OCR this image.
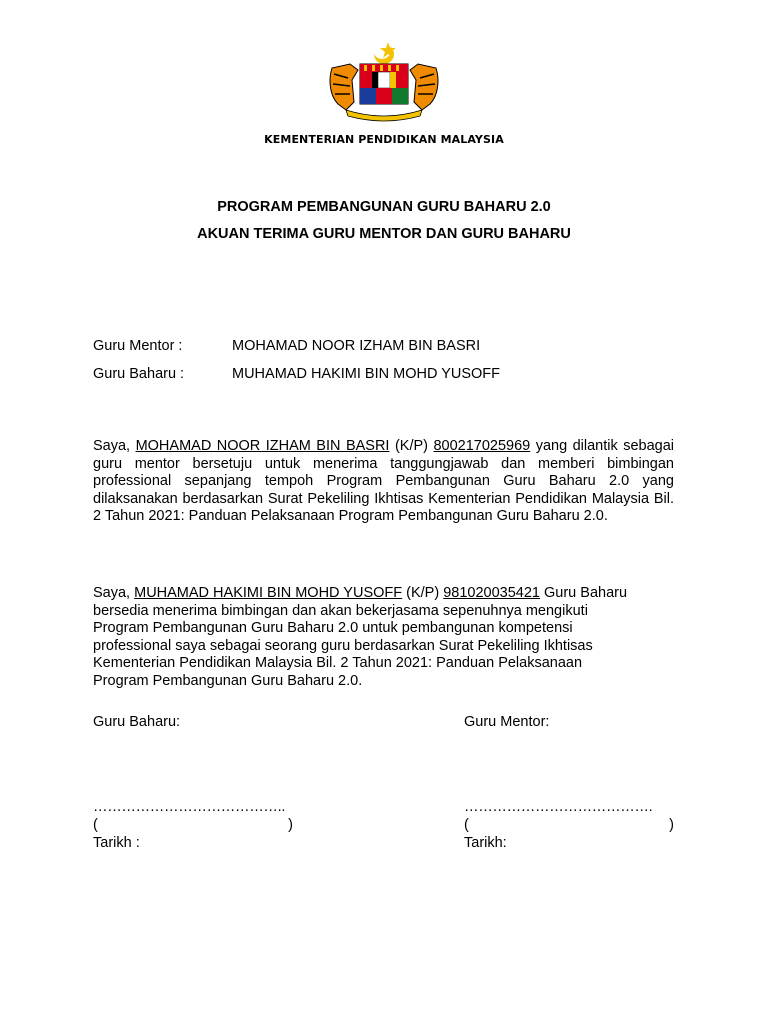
KEMENTERIAN PENDIDIKAN MALAYSIA
PROGRAM PEMBANGUNAN GURU BAHARU 2.0
AKUAN TERIMA GURU MENTOR DAN GURU BAHARU
Guru Mentor :	MOHAMAD NOOR IZHAM BIN BASRI
Guru Baharu :	MUHAMAD HAKIMI BIN MOHD YUSOFF
Saya, MOHAMAD NOOR IZHAM BIN BASRI (K/P) 800217025969 yang dilantik sebagai guru mentor bersetuju untuk menerima tanggungjawab dan memberi bimbingan professional sepanjang tempoh Program Pembangunan Guru Baharu 2.0 yang dilaksanakan berdasarkan Surat Pekeliling Ikhtisas Kementerian Pendidikan Malaysia Bil. 2 Tahun 2021: Panduan Pelaksanaan Program Pembangunan Guru Baharu 2.0.
Saya, MUHAMAD HAKIMI BIN MOHD YUSOFF (K/P) 981020035421 Guru Baharu
bersedia menerima bimbingan dan akan bekerjasama sepenuhnya mengikuti
Program Pembangunan Guru Baharu 2.0 untuk pembangunan kompetensi
professional saya sebagai seorang guru berdasarkan Surat Pekeliling Ikhtisas
Kementerian Pendidikan Malaysia Bil. 2 Tahun 2021: Panduan Pelaksanaan
Program Pembangunan Guru Baharu 2.0.
Guru Baharu:
…………………………………..
(	)
Tarikh :
Guru Mentor:
………………………………….
(	)
Tarikh:
